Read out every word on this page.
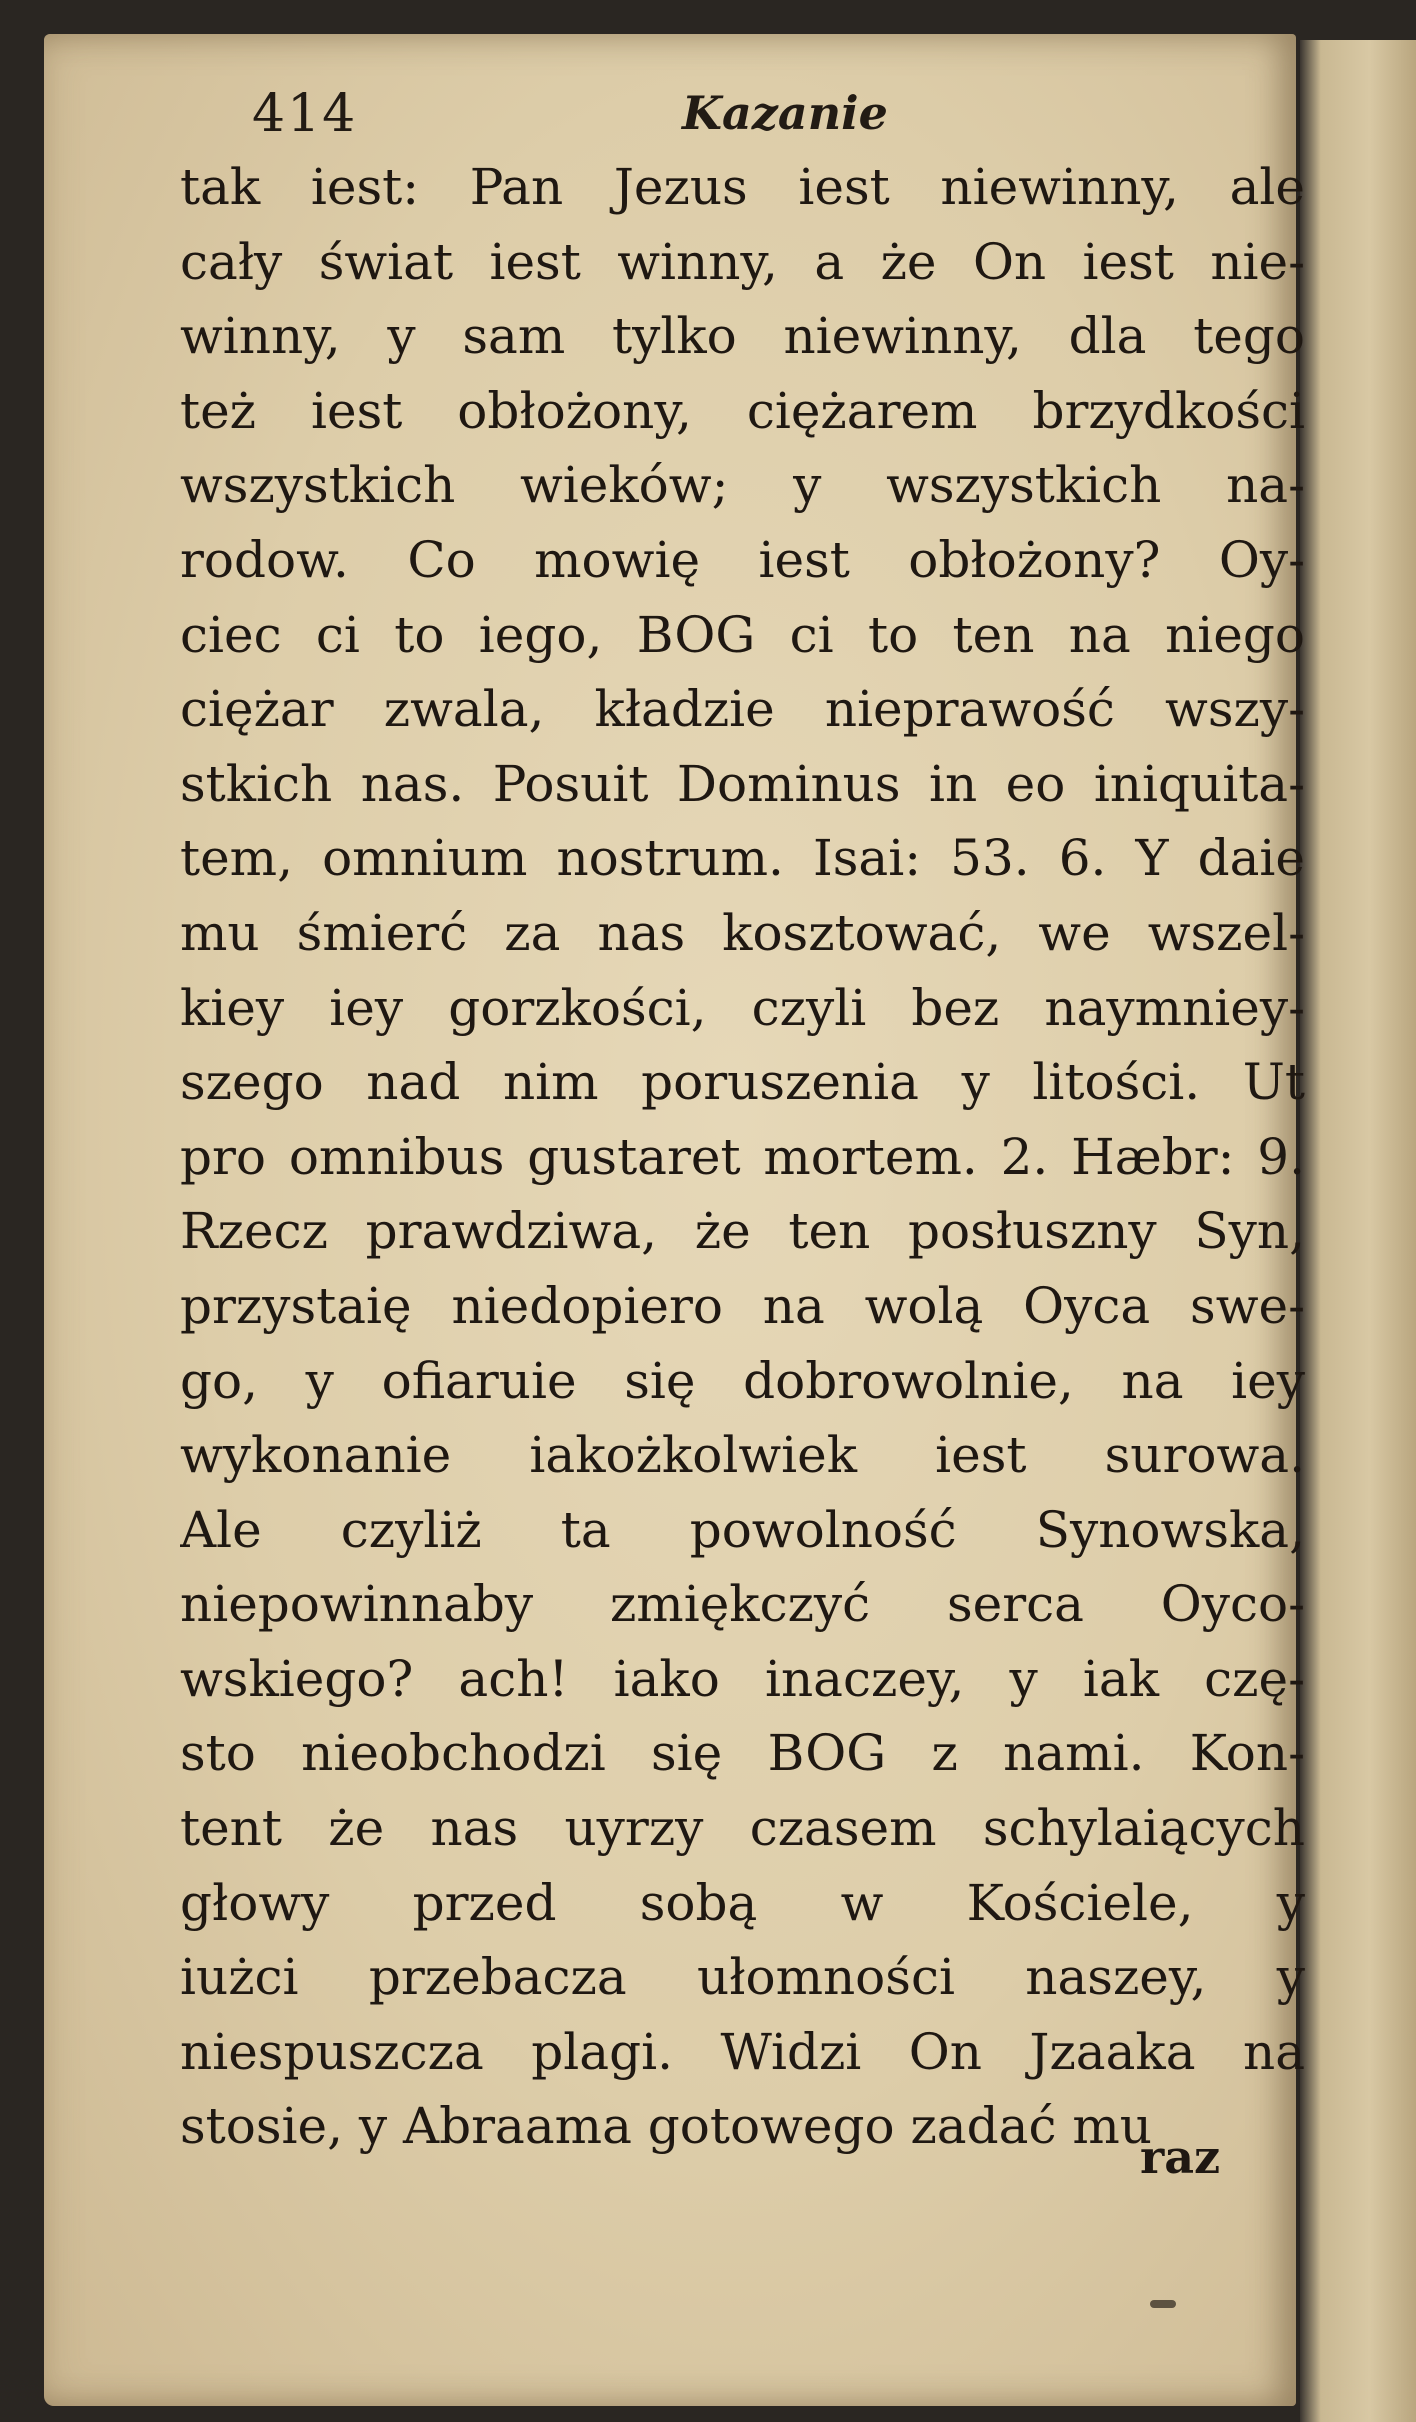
414	Kazanie
tak iest: Pan Jezus iest niewinny, ale
cały świat iest winny, a że On iest nie-
winny, y sam tylko niewinny, dla tego
też iest obłożony, ciężarem brzydkości
wszystkich wieków; y wszystkich na-
rodow. Co mowię iest obłożony? Oy-
ciec ci to iego, BOG ci to ten na niego
ciężar zwala, kładzie nieprawość wszy-
stkich nas. Posuit Dominus in eo iniquita-
tem, omnium nostrum. Isai: 53. 6. Y daie
mu śmierć za nas kosztować, we wszel-
kiey iey gorzkości, czyli bez naymniey-
szego nad nim poruszenia y litości. Ut
pro omnibus gustaret mortem. 2. Hæbr: 9.
Rzecz prawdziwa, że ten posłuszny Syn,
przystaię niedopiero na wolą Oyca swe-
go, y ofiaruie się dobrowolnie, na iey
wykonanie iakożkolwiek iest surowa.
Ale czyliż ta powolność Synowska,
niepowinnaby zmiękczyć serca Oyco-
wskiego? ach! iako inaczey, y iak czę-
sto nieobchodzi się BOG z nami. Kon-
tent że nas uyrzy czasem schylaiących
głowy przed sobą w Kościele, y
iużci przebacza ułomności naszey, y
niespuszcza plagi. Widzi On Jzaaka na
stosie, y Abraama gotowego zadać mu
raz
